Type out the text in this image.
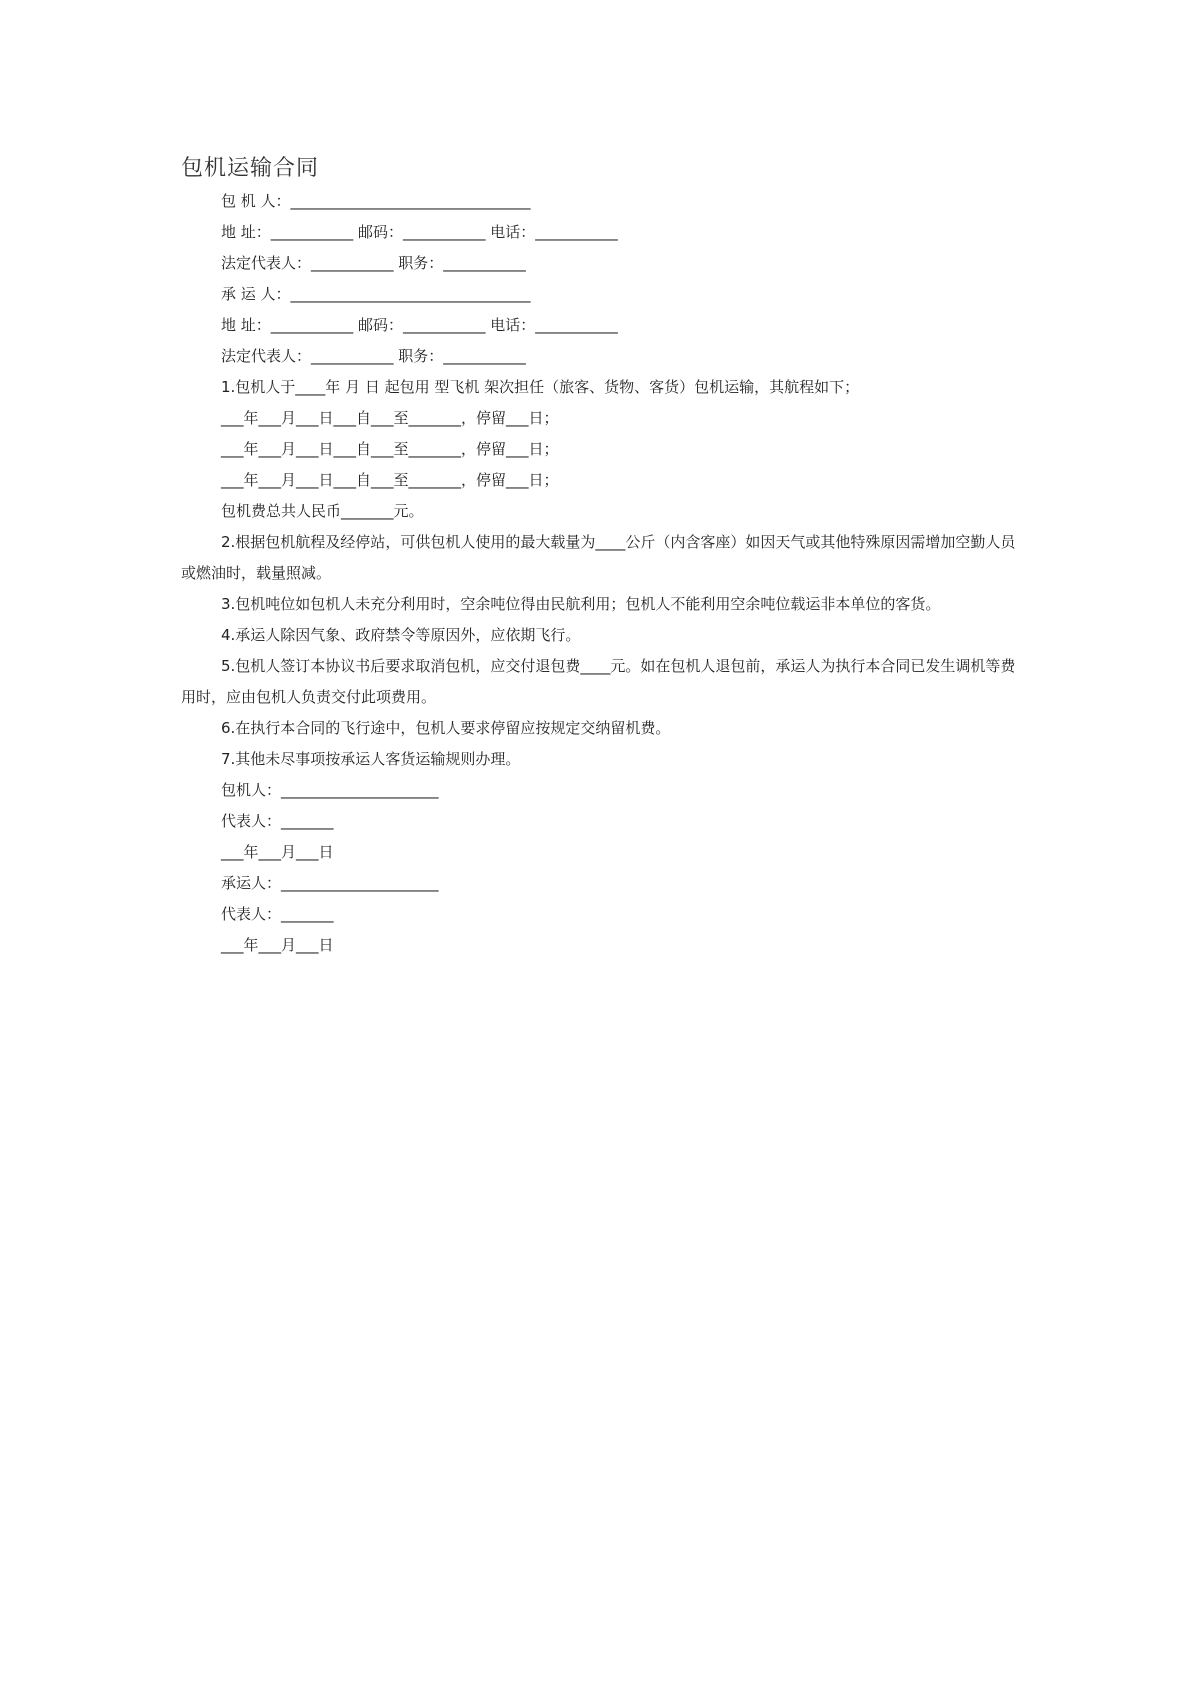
包机运输合同
包 机 人：________________________________
地 址：___________ 邮码：___________ 电话：___________
法定代表人：___________ 职务：___________
承 运 人：________________________________
地 址：___________ 邮码：___________ 电话：___________
法定代表人：___________ 职务：___________
1.包机人于____年 月 日 起包用 型飞机 架次担任（旅客、货物、客货）包机运输，其航程如下；
___年___月___日___自___至_______，停留___日；
___年___月___日___自___至_______，停留___日；
___年___月___日___自___至_______，停留___日；
包机费总共人民币_______元。

2.根据包机航程及经停站，可供包机人使用的最大载量为____公斤（内含客座）如因天气或其他特殊原因需增加空勤人员或燃油时，载量照减。

3.包机吨位如包机人未充分利用时，空余吨位得由民航利用；包机人不能利用空余吨位载运非本单位的客货。

4.承运人除因气象、政府禁令等原因外，应依期飞行。

5.包机人签订本协议书后要求取消包机，应交付退包费____元。如在包机人退包前，承运人为执行本合同已发生调机等费用时，应由包机人负责交付此项费用。

6.在执行本合同的飞行途中，包机人要求停留应按规定交纳留机费。

7.其他未尽事项按承运人客货运输规则办理。

包机人：_____________________
代表人：_______
___年___月___日
承运人：_____________________
代表人：_______
___年___月___日
